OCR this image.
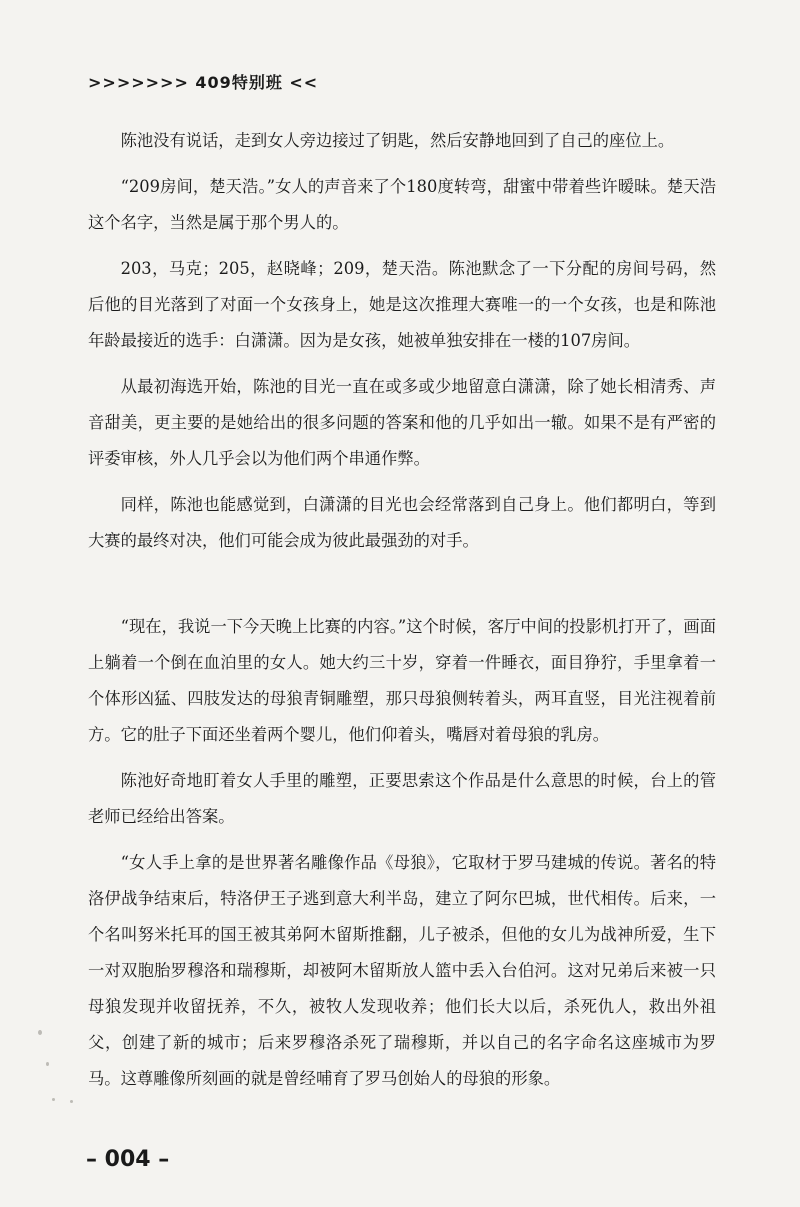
>>>>>>> 409特别班 <<

陈池没有说话，走到女人旁边接过了钥匙，然后安静地回到了自己的座位上。

“209房间，楚天浩。”女人的声音来了个180度转弯，甜蜜中带着些许暧昧。楚天浩这个名字，当然是属于那个男人的。

203，马克；205，赵晓峰；209，楚天浩。陈池默念了一下分配的房间号码，然后他的目光落到了对面一个女孩身上，她是这次推理大赛唯一的一个女孩，也是和陈池年龄最接近的选手：白潇潇。因为是女孩，她被单独安排在一楼的107房间。

从最初海选开始，陈池的目光一直在或多或少地留意白潇潇，除了她长相清秀、声音甜美，更主要的是她给出的很多问题的答案和他的几乎如出一辙。如果不是有严密的评委审核，外人几乎会以为他们两个串通作弊。

同样，陈池也能感觉到，白潇潇的目光也会经常落到自己身上。他们都明白，等到大赛的最终对决，他们可能会成为彼此最强劲的对手。

“现在，我说一下今天晚上比赛的内容。”这个时候，客厅中间的投影机打开了，画面上躺着一个倒在血泊里的女人。她大约三十岁，穿着一件睡衣，面目狰狞，手里拿着一个体形凶猛、四肢发达的母狼青铜雕塑，那只母狼侧转着头，两耳直竖，目光注视着前方。它的肚子下面还坐着两个婴儿，他们仰着头，嘴唇对着母狼的乳房。

陈池好奇地盯着女人手里的雕塑，正要思索这个作品是什么意思的时候，台上的管老师已经给出答案。

“女人手上拿的是世界著名雕像作品《母狼》，它取材于罗马建城的传说。著名的特洛伊战争结束后，特洛伊王子逃到意大利半岛，建立了阿尔巴城，世代相传。后来，一个名叫努米托耳的国王被其弟阿木留斯推翻，儿子被杀，但他的女儿为战神所爱，生下一对双胞胎罗穆洛和瑞穆斯，却被阿木留斯放人篮中丢入台伯河。这对兄弟后来被一只母狼发现并收留抚养，不久，被牧人发现收养；他们长大以后，杀死仇人，救出外祖父，创建了新的城市；后来罗穆洛杀死了瑞穆斯，并以自己的名字命名这座城市为罗马。这尊雕像所刻画的就是曾经哺育了罗马创始人的母狼的形象。

– 004 –
